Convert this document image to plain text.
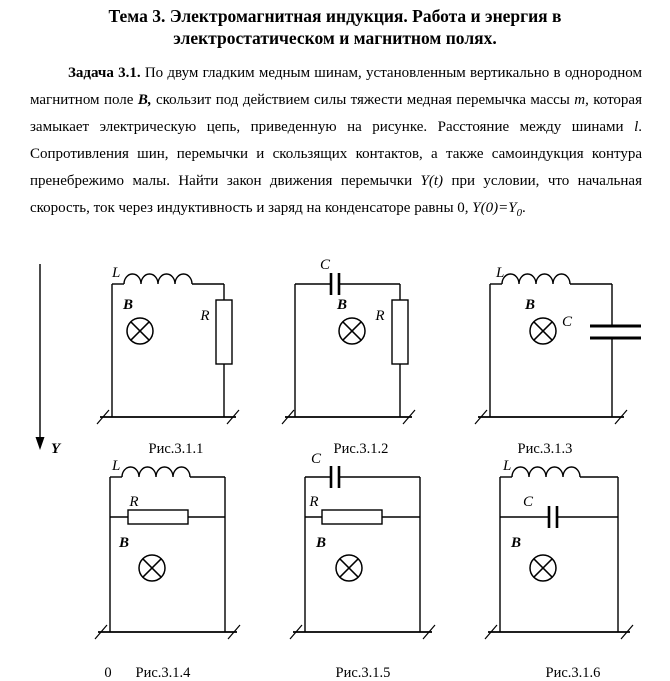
Тема 3. Электромагнитная индукция. Работа и энергия в
электростатическом и магнитном полях.

Задача 3.1. По двум гладким медным шинам, установленным вертикально в однородном магнитном поле B, скользит под действием силы тяжести медная перемычка массы m, которая замыкает электрическую цепь, приведенную на рисунке. Расстояние между шинами l. Сопротивления шин, перемычки и скользящих контактов, а также самоиндукция контура пренебрежимо малы. Найти закон движения перемычки Y(t) при условии, что начальная скорость, ток через индуктивность и заряд на конденсаторе равны 0, $Y(0)=Y_0$.

Y
L
B
R
Рис.3.1.1
C
B
R
Рис.3.1.2
L
B
C
Рис.3.1.3
L
R
B
Рис.3.1.4
0
C
R
B
Рис.3.1.5
L
C
B
Рис.3.1.6
